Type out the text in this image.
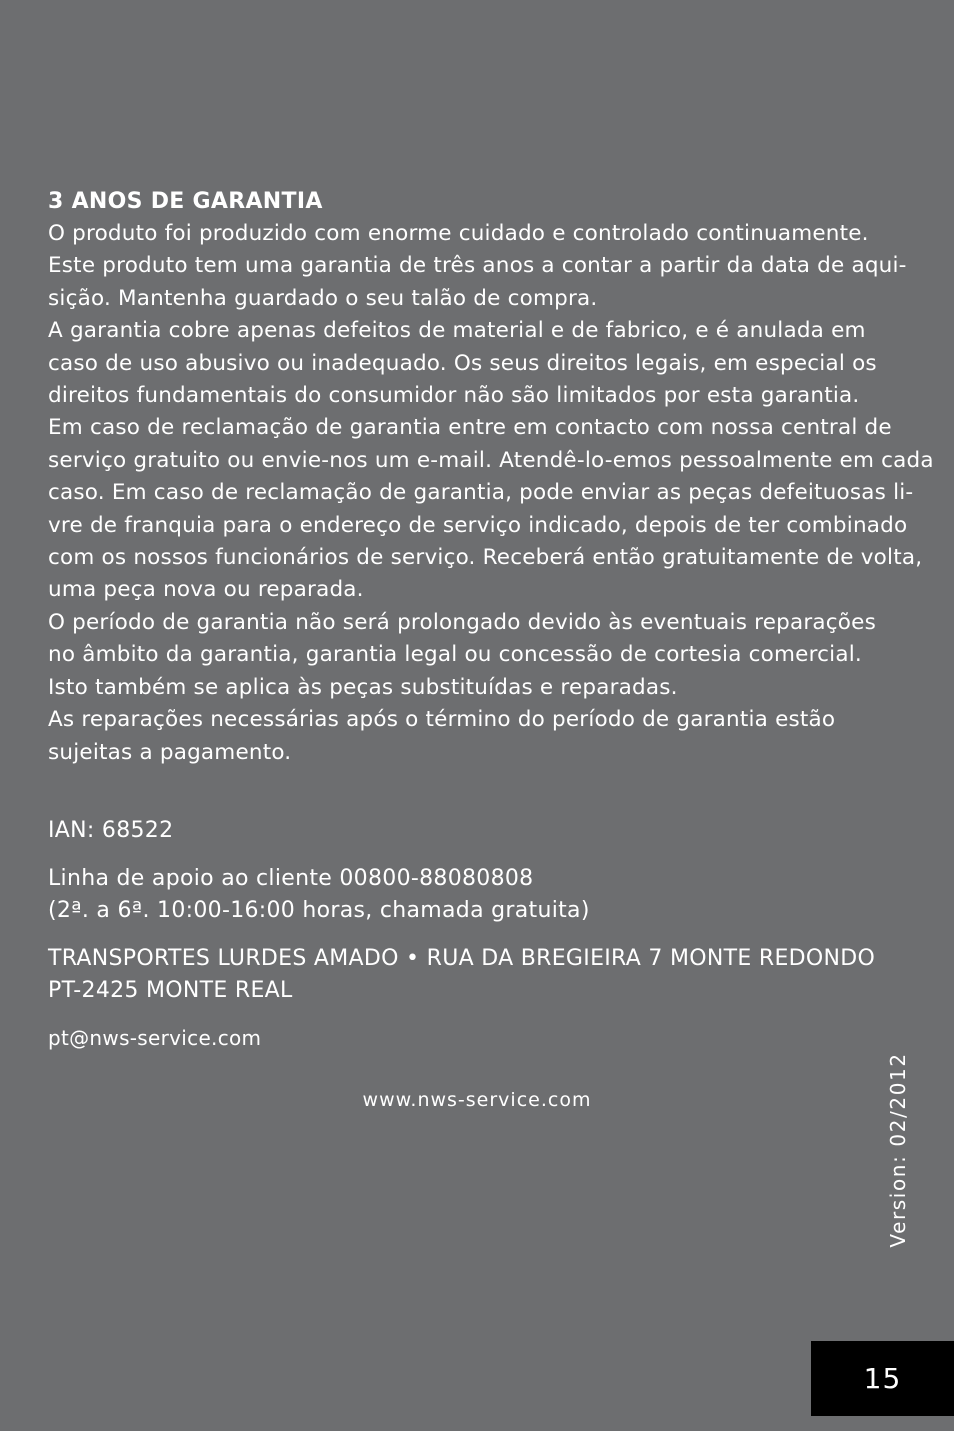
3 ANOS DE GARANTIA

O produto foi produzido com enorme cuidado e controlado continuamente.
Este produto tem uma garantia de três anos a contar a partir da data de aqui-
sição. Mantenha guardado o seu talão de compra.
A garantia cobre apenas defeitos de material e de fabrico, e é anulada em
caso de uso abusivo ou inadequado. Os seus direitos legais, em especial os
direitos fundamentais do consumidor não são limitados por esta garantia.
Em caso de reclamação de garantia entre em contacto com nossa central de
serviço gratuito ou envie-nos um e-mail. Atendê-lo-emos pessoalmente em cada
caso. Em caso de reclamação de garantia, pode enviar as peças defeituosas li-
vre de franquia para o endereço de serviço indicado, depois de ter combinado
com os nossos funcionários de serviço. Receberá então gratuitamente de volta,
uma peça nova ou reparada.
O período de garantia não será prolongado devido às eventuais reparações
no âmbito da garantia, garantia legal ou concessão de cortesia comercial.
Isto também se aplica às peças substituídas e reparadas.
As reparações necessárias após o término do período de garantia estão
sujeitas a pagamento.

IAN: 68522
Linha de apoio ao cliente 00800-88080808
(2ª. a 6ª. 10:00-16:00 horas, chamada gratuita)
TRANSPORTES LURDES AMADO • RUA DA BREGIEIRA 7 MONTE REDONDO
PT-2425 MONTE REAL
pt@nws-service.com
www.nws-service.com	Version: 02/2012
15
